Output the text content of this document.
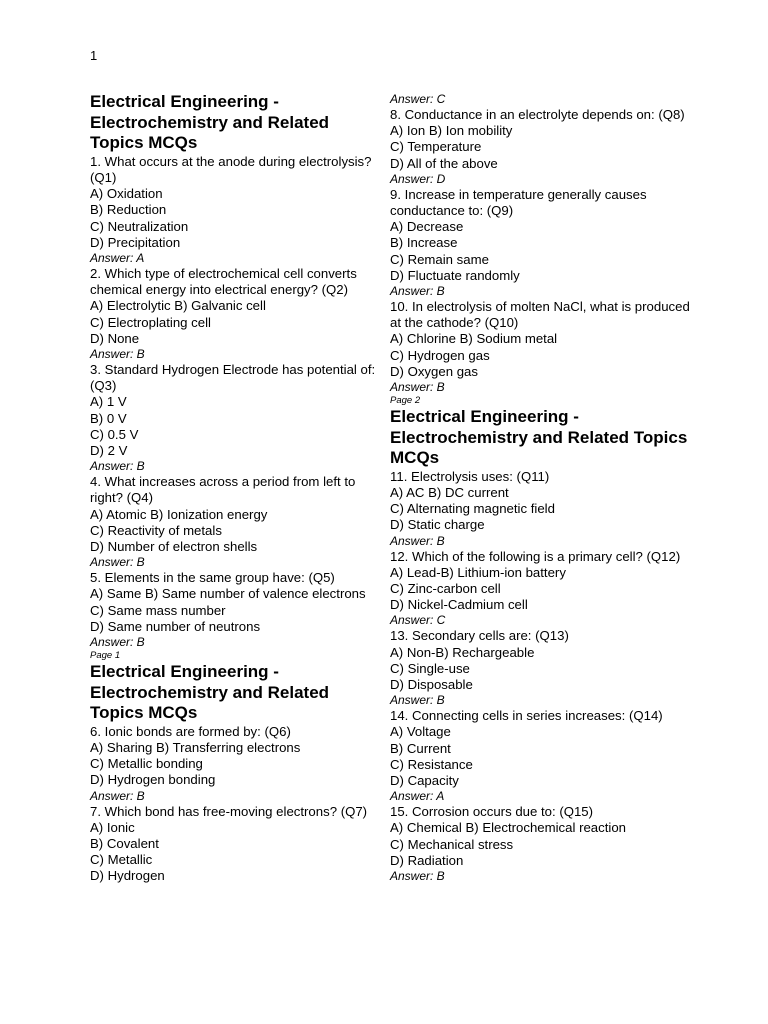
1
Electrical Engineering - Electrochemistry and Related Topics MCQs
1. What occurs at the anode during electrolysis? (Q1)
A) Oxidation
B) Reduction
C) Neutralization
D) Precipitation
Answer: A
2. Which type of electrochemical cell converts chemical energy into electrical energy? (Q2)
A) Electrolytic B) Galvanic cell
C) Electroplating cell
D) None
Answer: B
3. Standard Hydrogen Electrode has potential of: (Q3)
A) 1 V
B) 0 V
C) 0.5 V
D) 2 V
Answer: B
4. What increases across a period from left to right? (Q4)
A) Atomic B) Ionization energy
C) Reactivity of metals
D) Number of electron shells
Answer: B
5. Elements in the same group have: (Q5)
A) Same B) Same number of valence electrons
C) Same mass number
D) Same number of neutrons
Answer: B
Page 1
Electrical Engineering - Electrochemistry and Related Topics MCQs
6. Ionic bonds are formed by: (Q6)
A) Sharing B) Transferring electrons
C) Metallic bonding
D) Hydrogen bonding
Answer: B
7. Which bond has free-moving electrons? (Q7)
A) Ionic
B) Covalent
C) Metallic
D) Hydrogen
Answer: C
8. Conductance in an electrolyte depends on: (Q8)
A) Ion B) Ion mobility
C) Temperature
D) All of the above
Answer: D
9. Increase in temperature generally causes conductance to: (Q9)
A) Decrease
B) Increase
C) Remain same
D) Fluctuate randomly
Answer: B
10. In electrolysis of molten NaCl, what is produced at the cathode? (Q10)
A) Chlorine B) Sodium metal
C) Hydrogen gas
D) Oxygen gas
Answer: B
Page 2
Electrical Engineering - Electrochemistry and Related Topics MCQs
11. Electrolysis uses: (Q11)
A) AC B) DC current
C) Alternating magnetic field
D) Static charge
Answer: B
12. Which of the following is a primary cell? (Q12)
A) Lead-B) Lithium-ion battery
C) Zinc-carbon cell
D) Nickel-Cadmium cell
Answer: C
13. Secondary cells are: (Q13)
A) Non-B) Rechargeable
C) Single-use
D) Disposable
Answer: B
14. Connecting cells in series increases: (Q14)
A) Voltage
B) Current
C) Resistance
D) Capacity
Answer: A
15. Corrosion occurs due to: (Q15)
A) Chemical B) Electrochemical reaction
C) Mechanical stress
D) Radiation
Answer: B
